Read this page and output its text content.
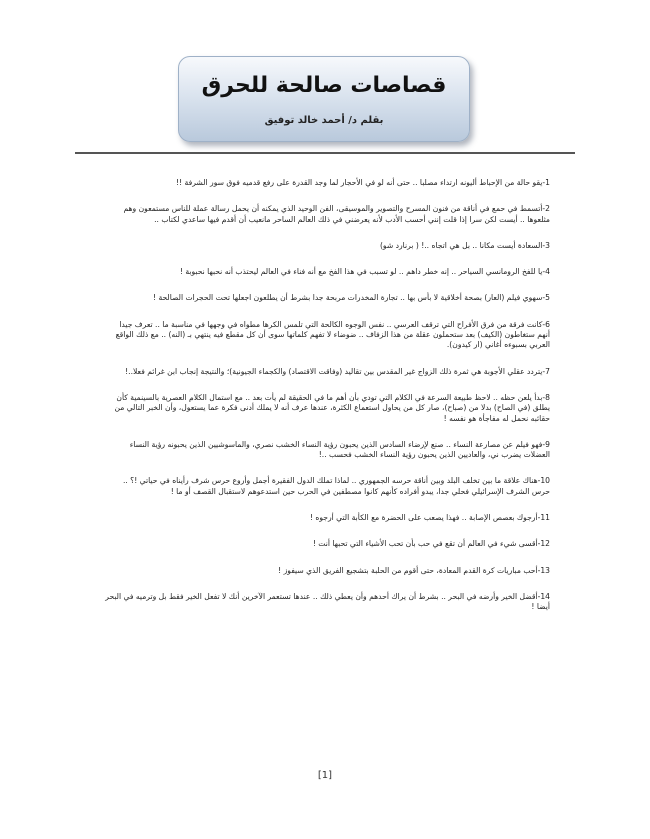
قصاصات صالحة للحرق
بقلم د/ أحمد خالد توفيق

1-يقو حالة من الإحباط أليونه ارتداء مصلبا .. حتى أنه لو في الأحجار لما وجد القدرة على رفع قدميه فوق سور الشرفة !!

2-أتسمط في حمع في أناقة من فنون المسرح والتصوير والموسيقى، الفن الوحيد الذي يمكنه أن يحمل رسالة عملة للناس مستمعون وهم مثلعوها .. أيست لكن سرا إذا قلت إنني أحسب الأدب لأنه يعرضني في ذلك العالم الساحر مانعيب أن أقدم فيها ساعدي لكتاب ..

3-السعادة أيست مكانا .. بل هي اتجاه ..! ( برنارد شو)

4-يا للفخ الرومانسي السياحر .. إنه خطر داهم .. لو تسبب في هذا الفخ مع أنه فناء في العالم ليحتذب أنه نحبها نحبوبة !

5-سهوي فيلم (العار) بصحة أخلاقية لا بأس بها .. تجارة المخدرات مربحة جدا بشرط أن يطلعون اجعلها تحت الحجرات الصالحة !

6-كانت فرقة من فرق الأفراح التي ترقف العرسي .. نفس الوجوه الكالحة التي تلمس الكرها مطواه في وجهها في مناسبة ما .. تعرف جيدا أنهم ستغاطون (الكيف) بعد ستحملون عقلة من هذا الزفاف .. ضوضاء لا تفهم كلماتها سوى أن كل مقطع فيه ينتهي بـ (النه) .. مع ذلك الواقع العربي بسبوءه أغاني (ار كيدون).

7-يتردد عقلي الأجوبة هي ثمرة ذلك الزواج غير المقدس بين تقاليد (وفاقت الاقتصاد) والكجماء الجيونية)؛ والنتيجة إنجاب ابن غرائم فعلا..!

8-بدأ يلعن حظه .. لاحظ طبيعة السرعة في الكلام التي تودي بأن أهم ما في الحقيقة لم يأت بعد .. مع استمال الكلام العصرية بالسينمية كأن يطلق (في الصاح) بدلا من (صباح)، صار كل من يحاول استعماع الكثرة، عندها عرف أنه لا يملك أدنى فكرة عما يستعول، وأن الخبر التالي من حقائبه نحمل له مفاجأة هو نفسه !

9-فهو فيلم عن مصارعة النساء .. صنع لإرضاء السادس الذين يحبون رؤية النساء الخشب نصري، والماسوشيين الذين يحبونه رؤية النساء العضلات يضرب ني، والعاديين الذين يحبون رؤية النساء الخشب فحسب ..!

10-هناك علاقة ما بين تخلف البلد وبين أناقة حرسه الجمهوري .. لماذا تملك الدول الفقيرة أجمل وأروع حرس شرف رأيناه في حياتي !؟ .. حرس الشرف الإسرائيلي فحلي جدا، يبدو أفراده كأنهم كانوا مصطفين في الحرب حين استدعوهم لاستقبال القصف أو ما !

11-أرجوك بعصص الإصابة .. فهذا يصعب على الحضرة مع الكأبة التي أرجوه !

12-أقسى شيء في العالم أن تقع في حب بأن تحب الأشياء التي تحبها أنت !

13-أحب مباريات كرة القدم المعادة، حتى أقوم من الحلبة بتشجيع الفريق الذي سيفوز !

14-أقضل الخير وأرضه في البحر .. بشرط أن يراك أحدهم وأن يعطي ذلك .. عندها تستعمر الآخرين أنك لا تفعل الخير فقط بل وترميه في البحر أيضا !

[1]
